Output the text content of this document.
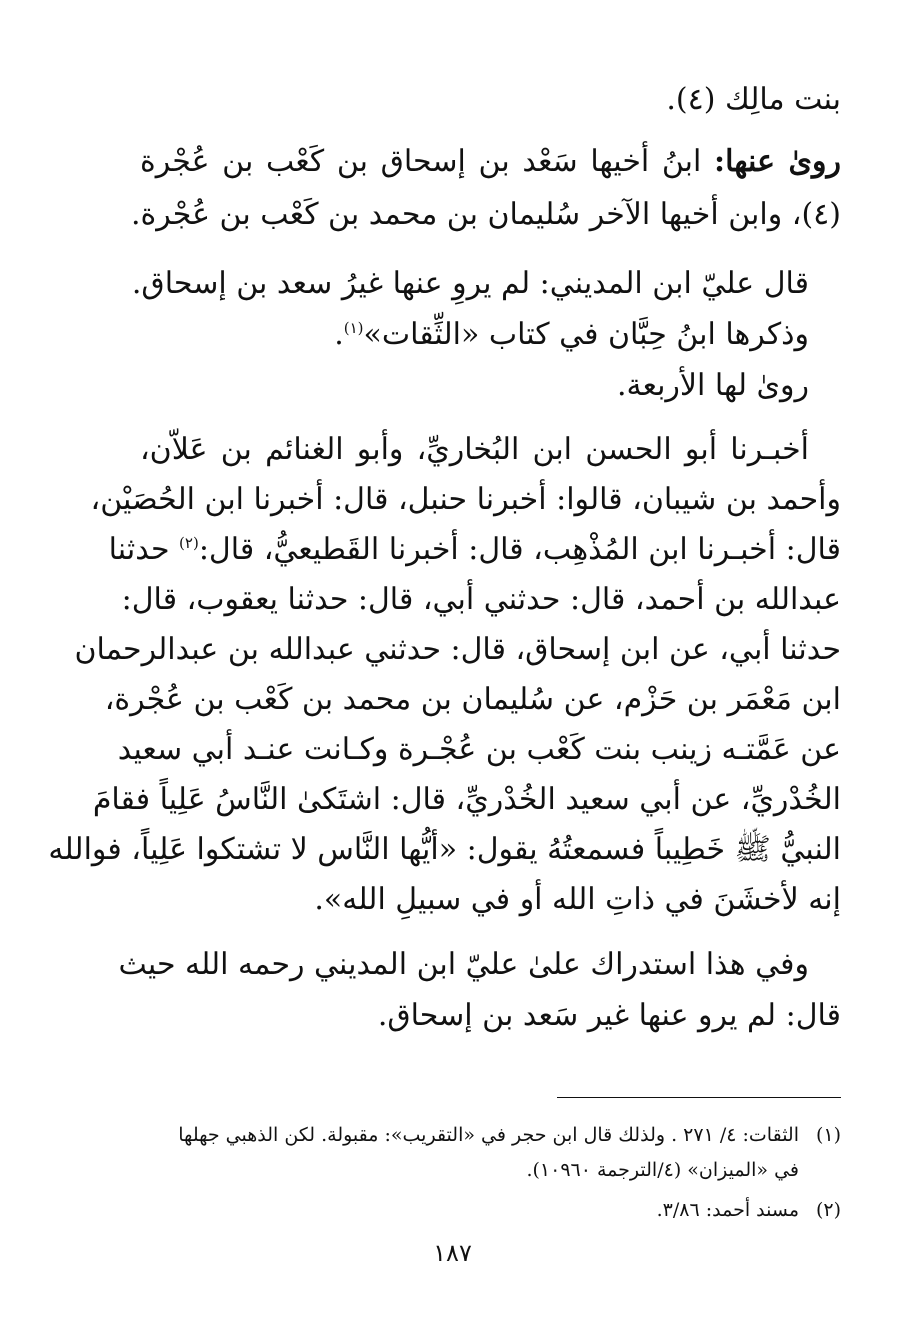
بنت مالِك (٤).
روىٰ عنها: ابنُ أخيها سَعْد بن إسحاق بن كَعْب بن عُجْرة
(٤)، وابن أخيها الآخر سُليمان بن محمد بن كَعْب بن عُجْرة.
قال عليّ ابن المديني: لم يروِ عنها غيرُ سعد بن إسحاق.
وذكرها ابنُ حِبَّان في كتاب «الثِّقات»$^{(١)}$.
روىٰ لها الأربعة.
أخبـرنا أبو الحسن ابن البُخاريِّ، وأبو الغنائم بن عَلاّن،
وأحمد بن شيبان، قالوا: أخبرنا حنبل، قال: أخبرنا ابن الحُصَيْن،
قال: أخبـرنا ابن المُذْهِب، قال: أخبرنا القَطيعيُّ، قال:$^{(٢)}$ حدثنا
عبدالله بن أحمد، قال: حدثني أبي، قال: حدثنا يعقوب، قال:
حدثنا أبي، عن ابن إسحاق، قال: حدثني عبدالله بن عبدالرحمان
ابن مَعْمَر بن حَزْم، عن سُليمان بن محمد بن كَعْب بن عُجْرة،
عن عَمَّتـه زينب بنت كَعْب بن عُجْـرة وكـانت عنـد أبي سعيد
الخُدْريِّ، عن أبي سعيد الخُدْريِّ، قال: اشتَكىٰ النَّاسُ عَلِياً فقامَ
النبيُّ ﷺ خَطِيباً فسمعتُهُ يقول: «أيُّها النَّاس لا تشتكوا عَلِياً، فوالله
إنه لأخشَنَ في ذاتِ الله أو في سبيلِ الله».
وفي هذا استدراك علىٰ عليّ ابن المديني رحمه الله حيث
قال: لم يرو عنها غير سَعد بن إسحاق.
(١)
الثقات: ٤/ ٢٧١ . ولذلك قال ابن حجر في «التقريب»: مقبولة. لكن الذهبي جهلها
في «الميزان» (٤/الترجمة ١٠٩٦٠).
(٢)
مسند أحمد: ٣/٨٦.
١٨٧
